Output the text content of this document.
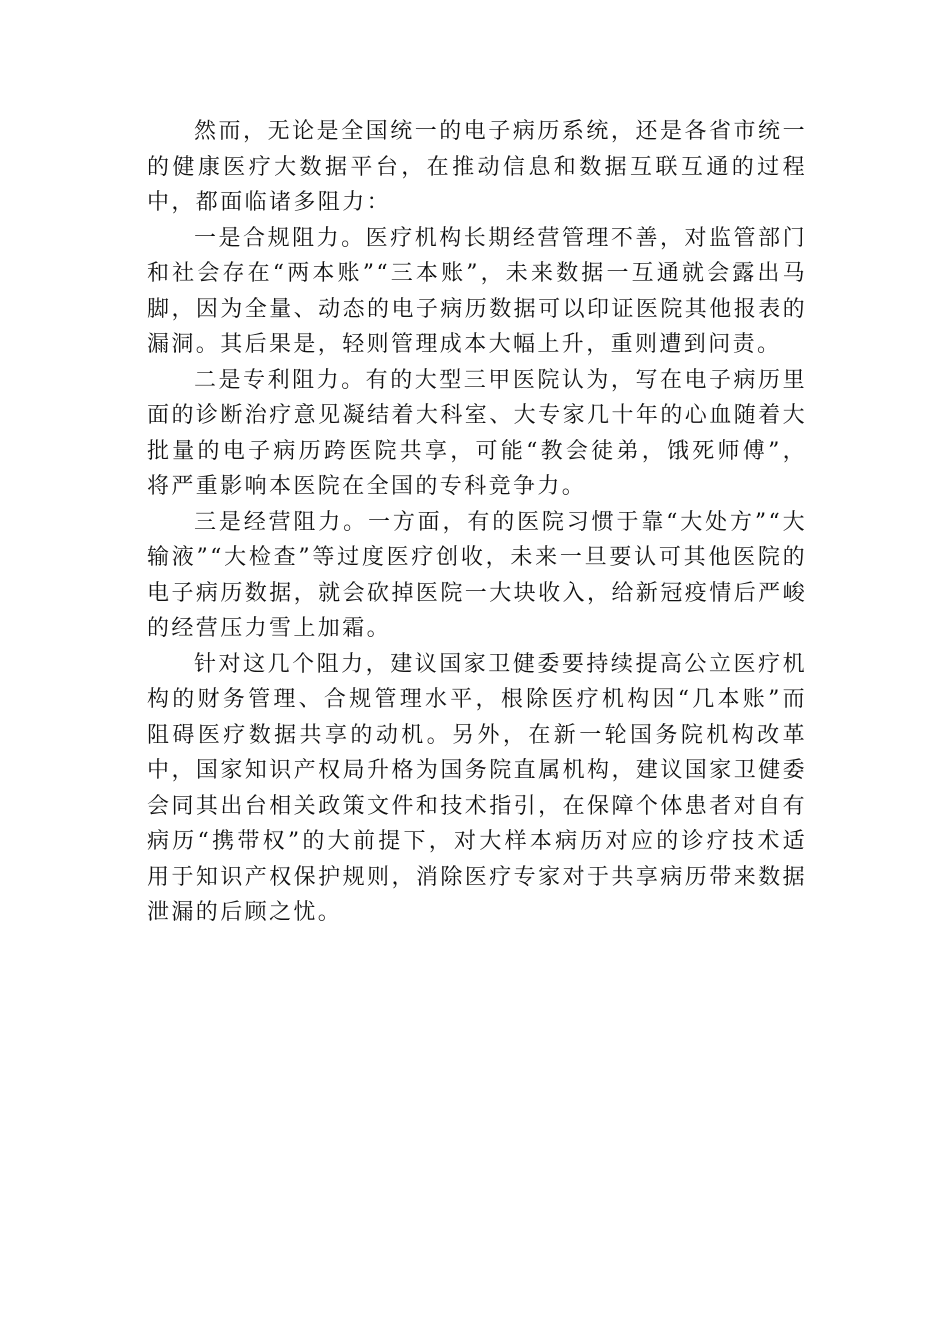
然而，无论是全国统一的电子病历系统，还是各省市统一的健康医疗大数据平台，在推动信息和数据互联互通的过程中，都面临诸多阻力：

一是合规阻力。医疗机构长期经营管理不善，对监管部门和社会存在“两本账”“三本账”，未来数据一互通就会露出马脚，因为全量、动态的电子病历数据可以印证医院其他报表的漏洞。其后果是，轻则管理成本大幅上升，重则遭到问责。

二是专利阻力。有的大型三甲医院认为，写在电子病历里面的诊断治疗意见凝结着大科室、大专家几十年的心血随着大批量的电子病历跨医院共享，可能“教会徒弟，饿死师傅”，将严重影响本医院在全国的专科竞争力。

三是经营阻力。一方面，有的医院习惯于靠“大处方”“大输液”“大检查”等过度医疗创收，未来一旦要认可其他医院的电子病历数据，就会砍掉医院一大块收入，给新冠疫情后严峻的经营压力雪上加霜。

针对这几个阻力，建议国家卫健委要持续提高公立医疗机构的财务管理、合规管理水平，根除医疗机构因“几本账”而阻碍医疗数据共享的动机。另外，在新一轮国务院机构改革中，国家知识产权局升格为国务院直属机构，建议国家卫健委会同其出台相关政策文件和技术指引，在保障个体患者对自有病历“携带权”的大前提下，对大样本病历对应的诊疗技术适用于知识产权保护规则，消除医疗专家对于共享病历带来数据泄漏的后顾之忧。
